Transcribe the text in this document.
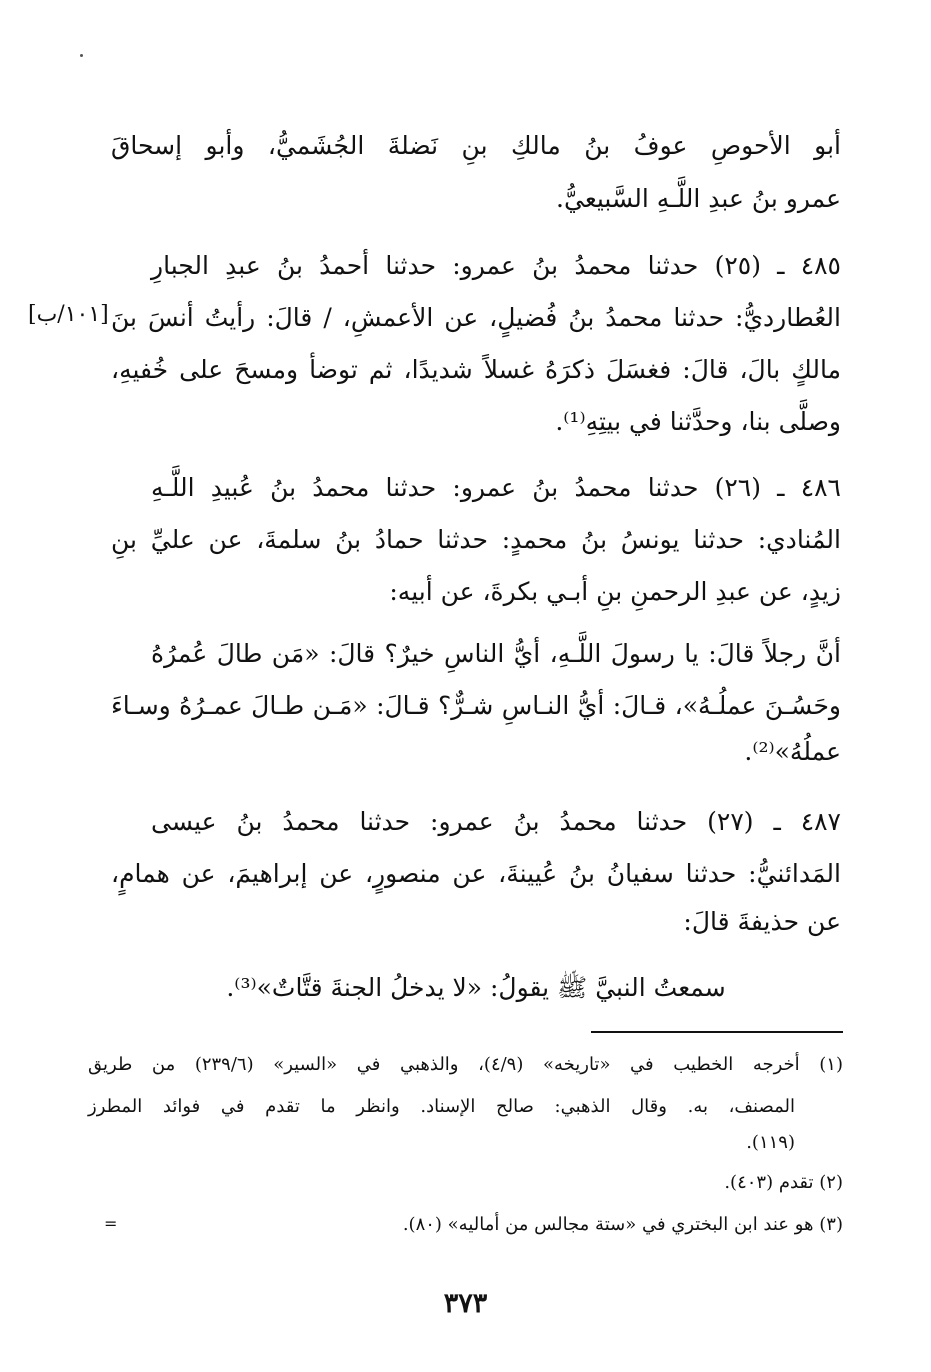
أبو الأحوصِ عوفُ بنُ مالكِ بنِ نَضلةَ الجُشَميُّ، وأبو إسحاقَ
عمرو بنُ عبدِ اللَّـهِ السَّبيعيُّ.
٤٨٥ ـ (٢٥) حدثنا محمدُ بنُ عمرو: حدثنا أحمدُ بنُ عبدِ الجبارِ
العُطارديُّ: حدثنا محمدُ بنُ فُضيلٍ، عن الأعمشِ، / قالَ: رأيتُ أنسَ بنَ
مالكٍ بالَ، قالَ: فغسَلَ ذكرَهُ غسلاً شديدًا، ثم توضأ ومسحَ على خُفيهِ،
وصلَّى بنا، وحدَّثنا في بيتِهِ⁽¹⁾.
[١٠١/ب]
٤٨٦ ـ (٢٦) حدثنا محمدُ بنُ عمرو: حدثنا محمدُ بنُ عُبيدِ اللَّـهِ
المُنادي: حدثنا يونسُ بنُ محمدٍ: حدثنا حمادُ بنُ سلمةَ، عن عليِّ بنِ
زيدٍ، عن عبدِ الرحمنِ بنِ أبـي بكرةَ، عن أبيه:
أنَّ رجلاً قالَ: يا رسولَ اللَّـهِ، أيُّ الناسِ خيرٌ؟ قالَ: «مَن طالَ عُمرُهُ
وحَسُـنَ عملُـهُ»، قـالَ: أيُّ النـاسِ شـرٌّ؟ قـالَ: «مَـن طـالَ عمـرُهُ وسـاءَ
عملُهُ»⁽²⁾.
٤٨٧ ـ (٢٧) حدثنا محمدُ بنُ عمرو: حدثنا محمدُ بنُ عيسى
المَدائنيُّ: حدثنا سفيانُ بنُ عُيينةَ، عن منصورٍ، عن إبراهيمَ، عن همامٍ،
عن حذيفةَ قالَ:
سمعتُ النبيَّ ﷺ يقولُ: «لا يدخلُ الجنةَ قتَّاتٌ»⁽³⁾.
(١) أخرجه الخطيب في «تاريخه» (٤/٩)، والذهبي في «السير» (٢٣٩/٦) من طريق
المصنف، به. وقال الذهبي: صالح الإسناد. وانظر ما تقدم في فوائد المطرز
(١١٩).
(٢) تقدم (٤٠٣).
(٣) هو عند ابن البختري في «ستة مجالس من أماليه» (٨٠).
=
٣٧٣
